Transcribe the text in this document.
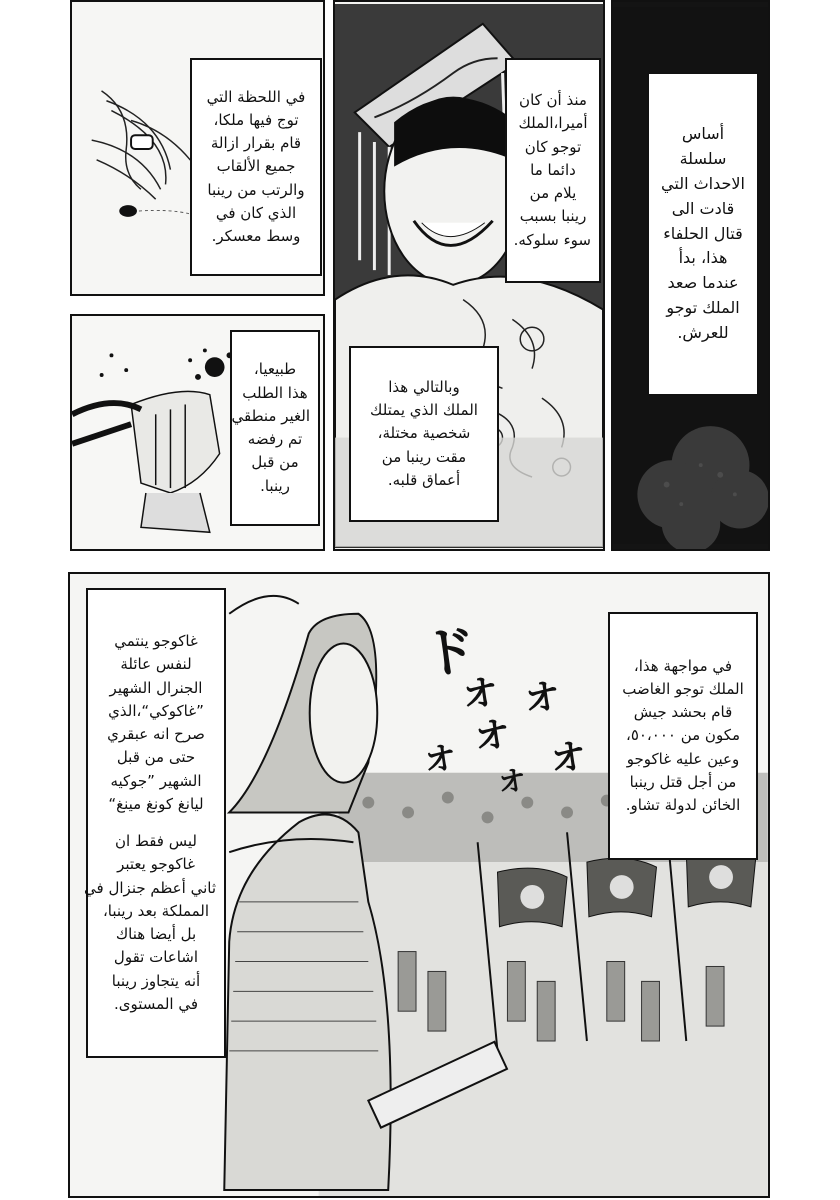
في اللحظة التي
توج فيها ملكا،
قام بقرار ازالة
جميع الألقاب
والرتب من رينبا
الذي كان في
وسط معسكر.
منذ أن كان
أميرا،الملك
توجو كان
دائما ما
يلام من
رينبا بسبب
سوء سلوكه.
وبالتالي هذا
الملك الذي يمتلك
شخصية مختلة،
مقت رينبا من
أعماق قلبه.
أساس
سلسلة
الاحداث التي
قادت الى
قتال الحلفاء
هذا، بدأ
عندما صعد
الملك توجو
للعرش.
طبيعيا،
هذا الطلب
الغير منطقي
تم رفضه
من قبل
رينبا.
ド
オ オ
オ
オ オ
オ
غاكوجو ينتمي
لنفس عائلة
الجنرال الشهير
”غاكوكي“،الذي
صرح انه عبقري
حتى من قبل
الشهير ”جوكيه
ليانغ كونغ مينغ“
ليس فقط ان
غاكوجو يعتبر
ثاني أعظم جنزال في
المملكة بعد رينبا،
بل أيضا هناك
اشاعات تقول
أنه يتجاوز رينبا
في المستوى.
في مواجهة هذا،
الملك توجو الغاضب
قام بحشد جيش
مكون من ٥٠،٠٠٠،
وعين عليه غاكوجو
من أجل قتل رينبا
الخائن لدولة تشاو.
